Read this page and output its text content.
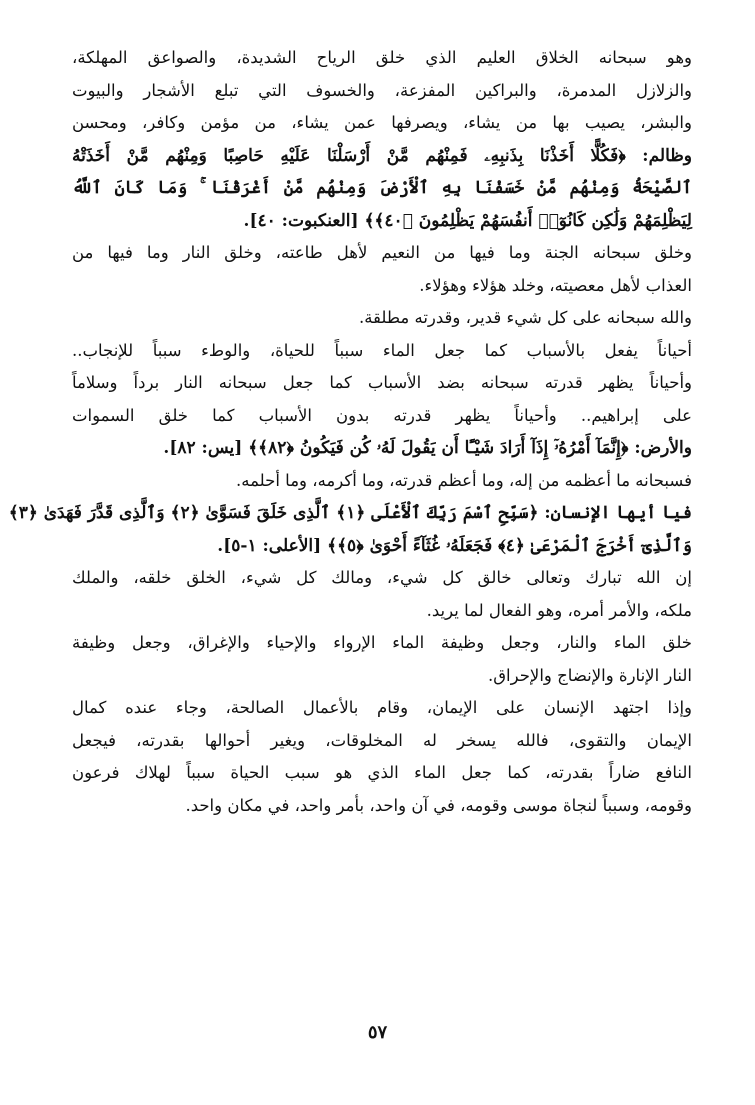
وهو سبحانه الخلاق العليم الذي خلق الرياح الشديدة، والصواعق المهلكة،
والزلازل المدمرة، والبراكين المفزعة، والخسوف التي تبلع الأشجار والبيوت
والبشر، يصيب بها من يشاء، ويصرفها عمن يشاء، من مؤمن وكافر، ومحسن
وظالم: ﴿فَكُلًّا أَخَذْنَا بِذَنبِهِۦ فَمِنْهُم مَّنْ أَرْسَلْنَا عَلَيْهِ حَاصِبًا وَمِنْهُم مَّنْ أَخَذَتْهُ
ٱلصَّيْحَةُ وَمِنْهُم مَّنْ خَسَفْنَا بِهِ ٱلْأَرْضَ وَمِنْهُم مَّنْ أَغْرَقْنَا ۚ وَمَا كَانَ ٱللَّهُ
لِيَظْلِمَهُمْ وَلَٰكِن كَانُوٓا۟ أَنفُسَهُمْ يَظْلِمُونَ ﴿٤٠﴾﴾ [العنكبوت: ٤٠].
وخلق سبحانه الجنة وما فيها من النعيم لأهل طاعته، وخلق النار وما فيها من
العذاب لأهل معصيته، وخلد هؤلاء وهؤلاء.
والله سبحانه على كل شيء قدير، وقدرته مطلقة.
أحياناً يفعل بالأسباب كما جعل الماء سبباً للحياة، والوطء سبباً للإنجاب..
وأحياناً يظهر قدرته سبحانه بضد الأسباب كما جعل سبحانه النار برداً وسلاماً
على إبراهيم.. وأحياناً يظهر قدرته بدون الأسباب كما خلق السموات
والأرض: ﴿إِنَّمَآ أَمْرُهُۥٓ إِذَآ أَرَادَ شَيْـًٔا أَن يَقُولَ لَهُۥ كُن فَيَكُونُ ﴿٨٢﴾﴾ [يس: ٨٢].
فسبحانه ما أعظمه من إله، وما أعظم قدرته، وما أكرمه، وما أحلمه.
فيا أيها الإنسان: ﴿سَبِّحِ ٱسْمَ رَبِّكَ ٱلْأَعْلَى ﴿١﴾ ٱلَّذِى خَلَقَ فَسَوَّىٰ ﴿٢﴾ وَٱلَّذِى قَدَّرَ فَهَدَىٰ ﴿٣﴾
وَٱلَّذِىٓ أَخْرَجَ ٱلْمَرْعَىٰ ﴿٤﴾ فَجَعَلَهُۥ غُثَآءً أَحْوَىٰ ﴿٥﴾﴾ [الأعلى: ١-٥].
إن الله تبارك وتعالى خالق كل شيء، ومالك كل شيء، الخلق خلقه، والملك
ملكه، والأمر أمره، وهو الفعال لما يريد.
خلق الماء والنار، وجعل وظيفة الماء الإرواء والإحياء والإغراق، وجعل وظيفة
النار الإنارة والإنضاج والإحراق.
وإذا اجتهد الإنسان على الإيمان، وقام بالأعمال الصالحة، وجاء عنده كمال
الإيمان والتقوى، فالله يسخر له المخلوقات، ويغير أحوالها بقدرته، فيجعل
النافع ضاراً بقدرته، كما جعل الماء الذي هو سبب الحياة سبباً لهلاك فرعون
وقومه، وسبباً لنجاة موسى وقومه، في آن واحد، بأمر واحد، في مكان واحد.
٥٧
